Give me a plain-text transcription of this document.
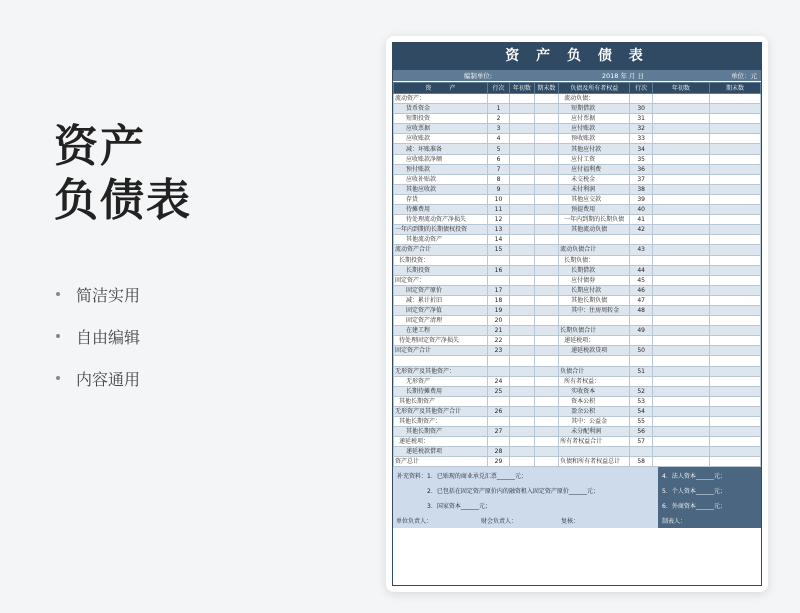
资产
负债表
简洁实用
自由编辑
内容通用
资 产 负 债 表
编制单位:	2018 年 月 日	单位：元
资　　　产	行次	年初数	期末数	负债及所有者权益	行次	年初数	期末数
流动资产：				流动负债：			
货币资金	1			短期借款	30		
短期投资	2			应付票据	31		
应收票据	3			应付账款	32		
应收账款	4			预收账款	33		
减：坏账准备	5			其他应付款	34		
应收账款净额	6			应付工资	35		
预付账款	7			应付福利费	36		
应收补贴款	8			未交税金	37		
其他应收款	9			未付利润	38		
存货	10			其他应交款	39		
待摊费用	11			预提费用	40		
待处理流动资产净损失	12			一年内到期的长期负债	41		
一年内到期的长期债权投资	13			其他流动负债	42		
其他流动资产	14						
流动资产合计	15			流动负债合计	43		
长期投资：				长期负债：			
长期投资	16			长期借款	44		
固定资产：				应付债券	45		
固定资产原价	17			长期应付款	46		
减：累计折旧	18			其他长期负债	47		
固定资产净值	19			其中：住房周转金	48		
固定资产清理	20						
在建工程	21			长期负债合计	49		
待处理固定资产净损失	22			递延税项：			
固定资产合计	23			递延税款贷项	50		

无形资产及其他资产：				负债合计	51		
无形资产	24			所有者权益：			
长期待摊费用	25			实收资本	52		
其他长期资产				资本公积	53		
无形资产及其他资产合计	26			盈余公积	54		
其他长期资产：				其中：公益金	55		
其他长期资产	27			未分配利润	56		
递延税项：				所有者权益合计	57		
递延税款借项	28						
资产总计	29			负债和所有者权益总计	58		
补充资料：1．已贴现的商业承兑汇票______元；
　　　　　2．已包括在固定资产原价内的融资租入固定资产原价______元；
　　　　　3．国家资本______元；
4．法人资本______元；
5．个人资本______元；
6．外商资本______元；
单位负责人：	财会负责人：	复核：	制表人：
